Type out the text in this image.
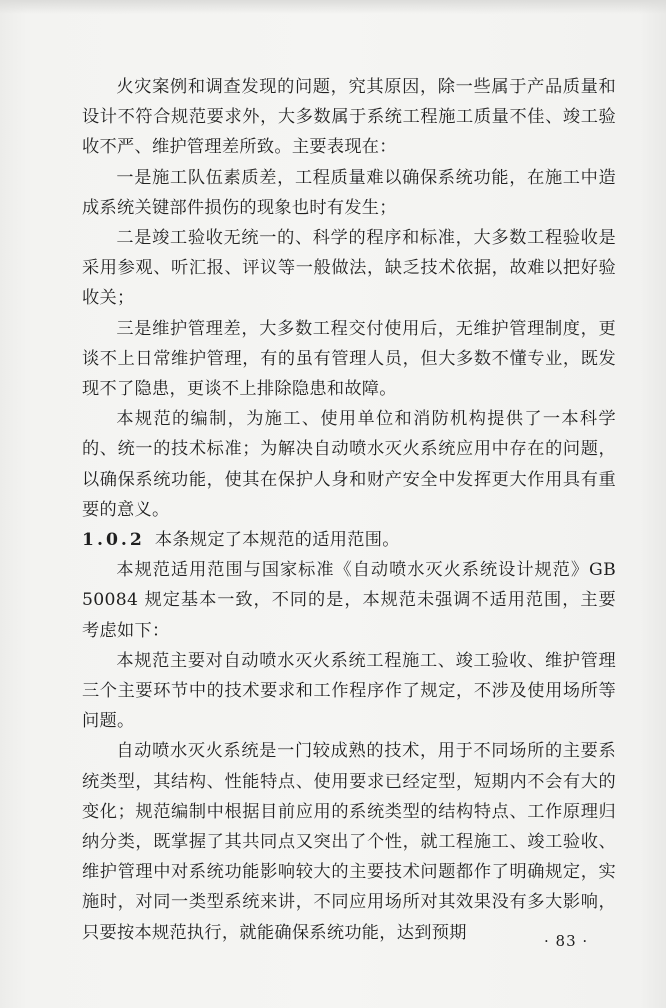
火灾案例和调查发现的问题，究其原因，除一些属于产品质量和设计不符合规范要求外，大多数属于系统工程施工质量不佳、竣工验收不严、维护管理差所致。主要表现在：

一是施工队伍素质差，工程质量难以确保系统功能，在施工中造成系统关键部件损伤的现象也时有发生；

二是竣工验收无统一的、科学的程序和标准，大多数工程验收是采用参观、听汇报、评议等一般做法，缺乏技术依据，故难以把好验收关；

三是维护管理差，大多数工程交付使用后，无维护管理制度，更谈不上日常维护管理，有的虽有管理人员，但大多数不懂专业，既发现不了隐患，更谈不上排除隐患和故障。

本规范的编制，为施工、使用单位和消防机构提供了一本科学的、统一的技术标准；为解决自动喷水灭火系统应用中存在的问题，以确保系统功能，使其在保护人身和财产安全中发挥更大作用具有重要的意义。

1.0.2 本条规定了本规范的适用范围。

本规范适用范围与国家标准《自动喷水灭火系统设计规范》GB 50084 规定基本一致，不同的是，本规范未强调不适用范围，主要考虑如下：

本规范主要对自动喷水灭火系统工程施工、竣工验收、维护管理三个主要环节中的技术要求和工作程序作了规定，不涉及使用场所等问题。

自动喷水灭火系统是一门较成熟的技术，用于不同场所的主要系统类型，其结构、性能特点、使用要求已经定型，短期内不会有大的变化；规范编制中根据目前应用的系统类型的结构特点、工作原理归纳分类，既掌握了其共同点又突出了个性，就工程施工、竣工验收、维护管理中对系统功能影响较大的主要技术问题都作了明确规定，实施时，对同一类型系统来讲，不同应用场所对其效果没有多大影响，只要按本规范执行，就能确保系统功能，达到预期	· 83 ·
